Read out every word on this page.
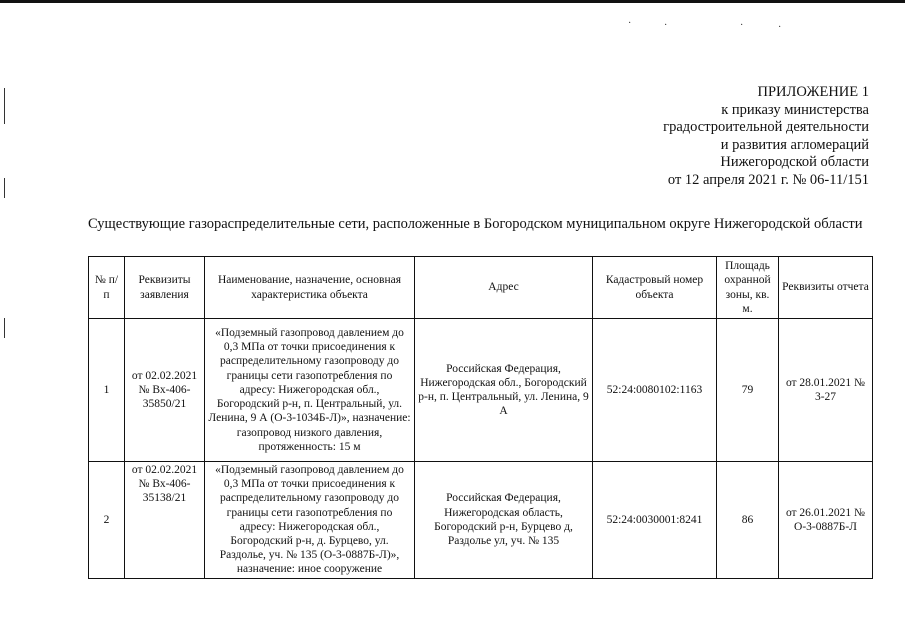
·	·	·	·
ПРИЛОЖЕНИЕ 1
к приказу министерства
градостроительной деятельности
и развития агломераций
Нижегородской области
от 12 апреля 2021 г. № 06-11/151
Существующие газораспределительные сети, расположенные в Богородском муниципальном округе Нижегородской области
№ п/п	Реквизиты заявления	Наименование, назначение, основная характеристика объекта	Адрес	Кадастровый номер объекта	Площадь охранной зоны, кв. м.	Реквизиты отчета
1	от 02.02.2021 № Вх-406-35850/21	«Подземный газопровод давлением до 0,3 МПа от точки присоединения к распределительному газопроводу до границы сети газопотребления по адресу: Нижегородская обл., Богородский р-н, п. Центральный, ул. Ленина, 9 А (О-3-1034Б-Л)», назначение: газопровод низкого давления, протяженность: 15 м	Российская Федерация, Нижегородская обл., Богородский р-н, п. Центральный, ул. Ленина, 9 А	52:24:0080102:1163	79	от 28.01.2021 № 3-27
2	от 02.02.2021 № Вх-406-35138/21	«Подземный газопровод давлением до 0,3 МПа от точки присоединения к распределительному газопроводу до границы сети газопотребления по адресу: Нижегородская обл., Богородский р-н, д. Бурцево, ул. Раздолье, уч. № 135 (О-3-0887Б-Л)», назначение: иное сооружение	Российская Федерация, Нижегородская область, Богородский р-н, Бурцево д, Раздолье ул, уч. № 135	52:24:0030001:8241	86	от 26.01.2021 № О-3-0887Б-Л
